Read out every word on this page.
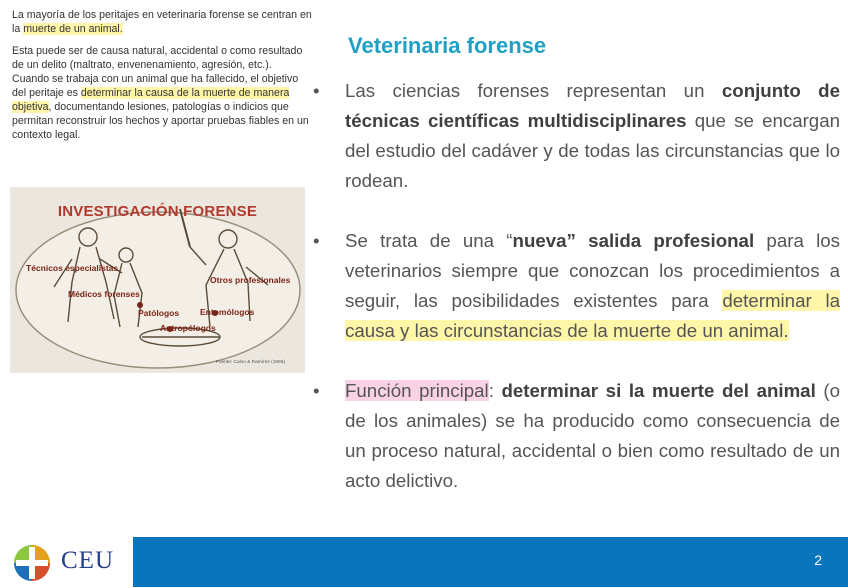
La mayoría de los peritajes en veterinaria forense se centran en la muerte de un animal.

Esta puede ser de causa natural, accidental o como resultado de un delito (maltrato, envenenamiento, agresión, etc.).

Cuando se trabaja con un animal que ha fallecido, el objetivo del peritaje es determinar la causa de la muerte de manera objetiva, documentando lesiones, patologías o indicios que permitan reconstruir los hechos y aportar pruebas fiables en un contexto legal.

INVESTIGACIÓN FORENSE
Técnicos especialistas
Médicos forenses
Otros profesionales
Patólogos Entomólogos
Antropólogos
Fuente: Calvo & Ramírez (1998)
Veterinaria forense
•	Las ciencias forenses representan un conjunto de técnicas científicas multidisciplinares que se encargan del estudio del cadáver y de todas las circunstancias que lo rodean.
•	Se trata de una “nueva” salida profesional para los veterinarios siempre que conozcan los procedimientos a seguir, las posibilidades existentes para determinar la causa y las circunstancias de la muerte de un animal.
•	Función principal: determinar si la muerte del animal (o de los animales) se ha producido como consecuencia de un proceso natural, accidental o bien como resultado de un acto delictivo.
2
CEU
